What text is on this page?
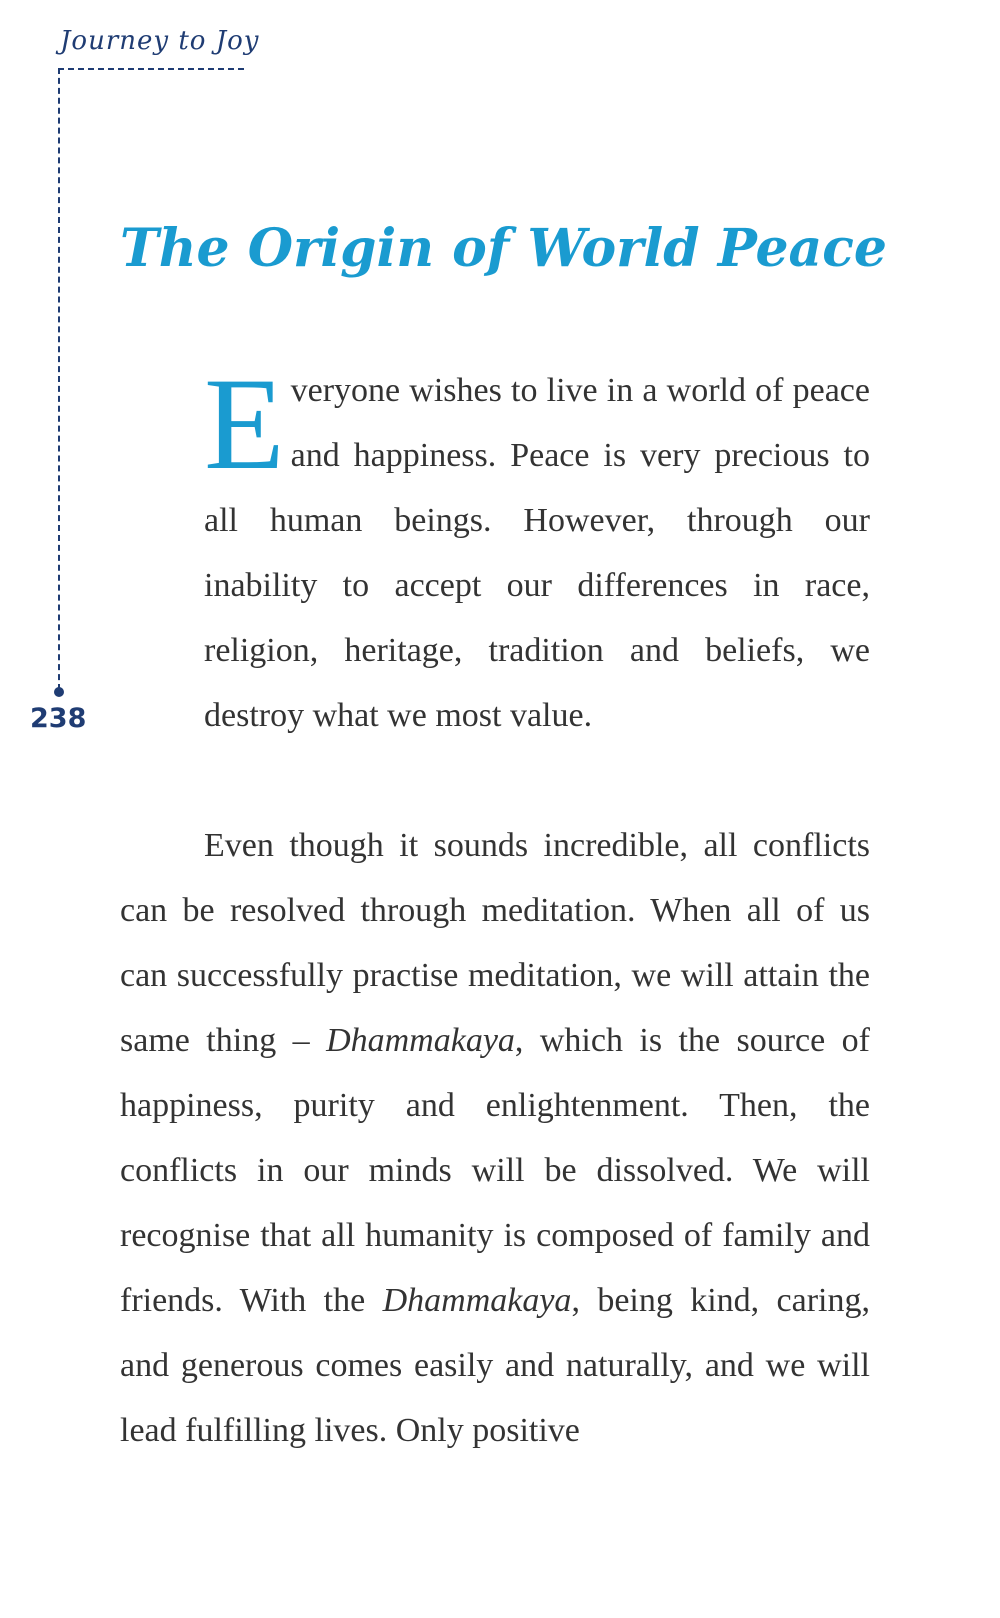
Journey to Joy
238
The Origin of World Peace

Everyone wishes to live in a world of peace and happiness. Peace is very precious to all human beings. However, through our inability to accept our differences in race, religion, heritage, tradition and beliefs, we destroy what we most value.

Even though it sounds incredible, all conflicts can be resolved through meditation. When all of us can successfully practise meditation, we will attain the same thing – Dhammakaya, which is the source of happiness, purity and enlightenment. Then, the conflicts in our minds will be dissolved. We will recognise that all humanity is composed of family and friends. With the Dhammakaya, being kind, caring, and generous comes easily and naturally, and we will lead fulfilling lives. Only positive
